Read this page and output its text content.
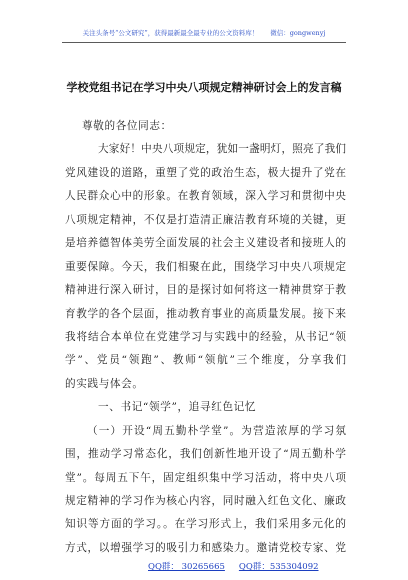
关注头条号“公文研究”，获得最新最全最专业的公文资料库！ 微信：gongwenyj
学校党组书记在学习中央八项规定精神研讨会上的发言稿
尊敬的各位同志：
大家好！中央八项规定，犹如一盏明灯，照亮了我们
党风建设的道路，重塑了党的政治生态，极大提升了党在
人民群众心中的形象。在教育领域，深入学习和贯彻中央
八项规定精神，不仅是打造清正廉洁教育环境的关键，更
是培养德智体美劳全面发展的社会主义建设者和接班人的
重要保障。今天，我们相聚在此，围绕学习中央八项规定
精神进行深入研讨，目的是探讨如何将这一精神贯穿于教
育教学的各个层面，推动教育事业的高质量发展。接下来
我将结合本单位在党建学习与实践中的经验，从书记“领
学”、党员“领跑”、教师“领航”三个维度，分享我们
的实践与体会。
一、书记“领学”，追寻红色记忆
（一）开设“周五勤朴学堂”。为营造浓厚的学习氛
围，推动学习常态化，我们创新性地开设了“周五勤朴学
堂”。每周五下午，固定组织集中学习活动，将中央八项
规定精神的学习作为核心内容，同时融入红色文化、廉政
知识等方面的学习。。在学习形式上，我们采用多元化的
方式，以增强学习的吸引力和感染力。邀请党校专家、党
QQ群： 30265665 QQ群：535304092
